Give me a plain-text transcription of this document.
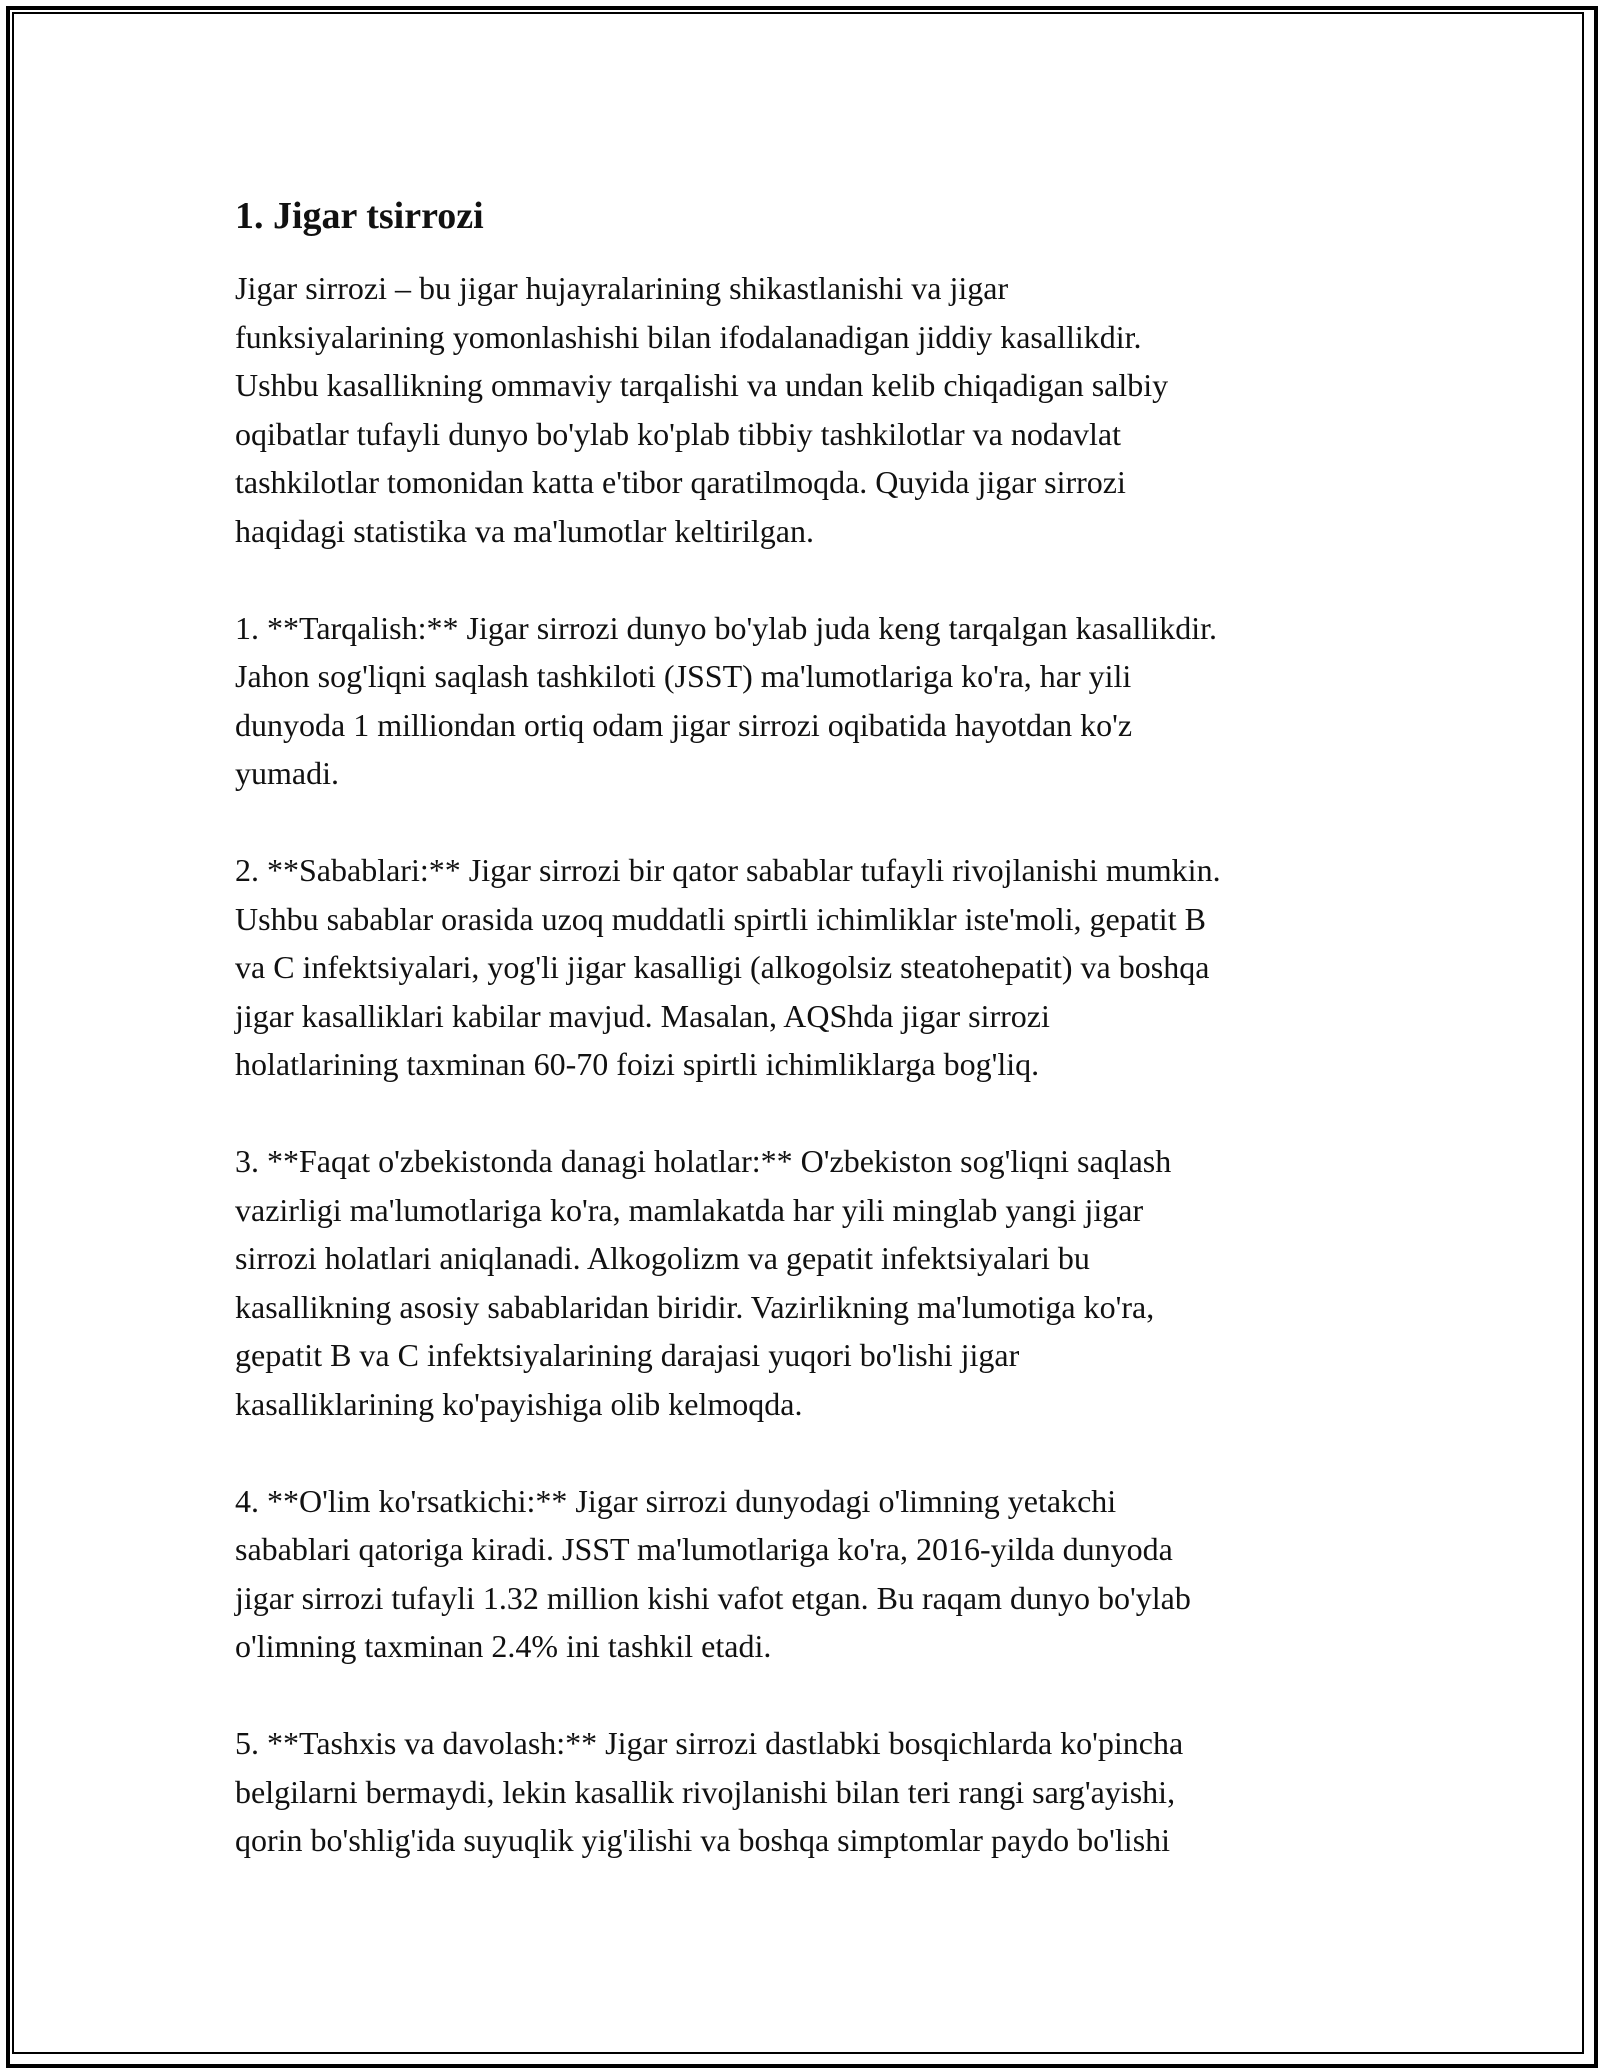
1. Jigar tsirrozi
Jigar sirrozi – bu jigar hujayralarining shikastlanishi va jigar
funksiyalarining yomonlashishi bilan ifodalanadigan jiddiy kasallikdir.
Ushbu kasallikning ommaviy tarqalishi va undan kelib chiqadigan salbiy
oqibatlar tufayli dunyo bo'ylab ko'plab tibbiy tashkilotlar va nodavlat
tashkilotlar tomonidan katta e'tibor qaratilmoqda. Quyida jigar sirrozi
haqidagi statistika va ma'lumotlar keltirilgan.
1. **Tarqalish:** Jigar sirrozi dunyo bo'ylab juda keng tarqalgan kasallikdir.
Jahon sog'liqni saqlash tashkiloti (JSST) ma'lumotlariga ko'ra, har yili
dunyoda 1 milliondan ortiq odam jigar sirrozi oqibatida hayotdan ko'z
yumadi.
2. **Sabablari:** Jigar sirrozi bir qator sabablar tufayli rivojlanishi mumkin.
Ushbu sabablar orasida uzoq muddatli spirtli ichimliklar iste'moli, gepatit B
va C infektsiyalari, yog'li jigar kasalligi (alkogolsiz steatohepatit) va boshqa
jigar kasalliklari kabilar mavjud. Masalan, AQShda jigar sirrozi
holatlarining taxminan 60-70 foizi spirtli ichimliklarga bog'liq.
3. **Faqat o'zbekistonda danagi holatlar:** O'zbekiston sog'liqni saqlash
vazirligi ma'lumotlariga ko'ra, mamlakatda har yili minglab yangi jigar
sirrozi holatlari aniqlanadi. Alkogolizm va gepatit infektsiyalari bu
kasallikning asosiy sabablaridan biridir. Vazirlikning ma'lumotiga ko'ra,
gepatit B va C infektsiyalarining darajasi yuqori bo'lishi jigar
kasalliklarining ko'payishiga olib kelmoqda.
4. **O'lim ko'rsatkichi:** Jigar sirrozi dunyodagi o'limning yetakchi
sabablari qatoriga kiradi. JSST ma'lumotlariga ko'ra, 2016-yilda dunyoda
jigar sirrozi tufayli 1.32 million kishi vafot etgan. Bu raqam dunyo bo'ylab
o'limning taxminan 2.4% ini tashkil etadi.
5. **Tashxis va davolash:** Jigar sirrozi dastlabki bosqichlarda ko'pincha
belgilarni bermaydi, lekin kasallik rivojlanishi bilan teri rangi sarg'ayishi,
qorin bo'shlig'ida suyuqlik yig'ilishi va boshqa simptomlar paydo bo'lishi
